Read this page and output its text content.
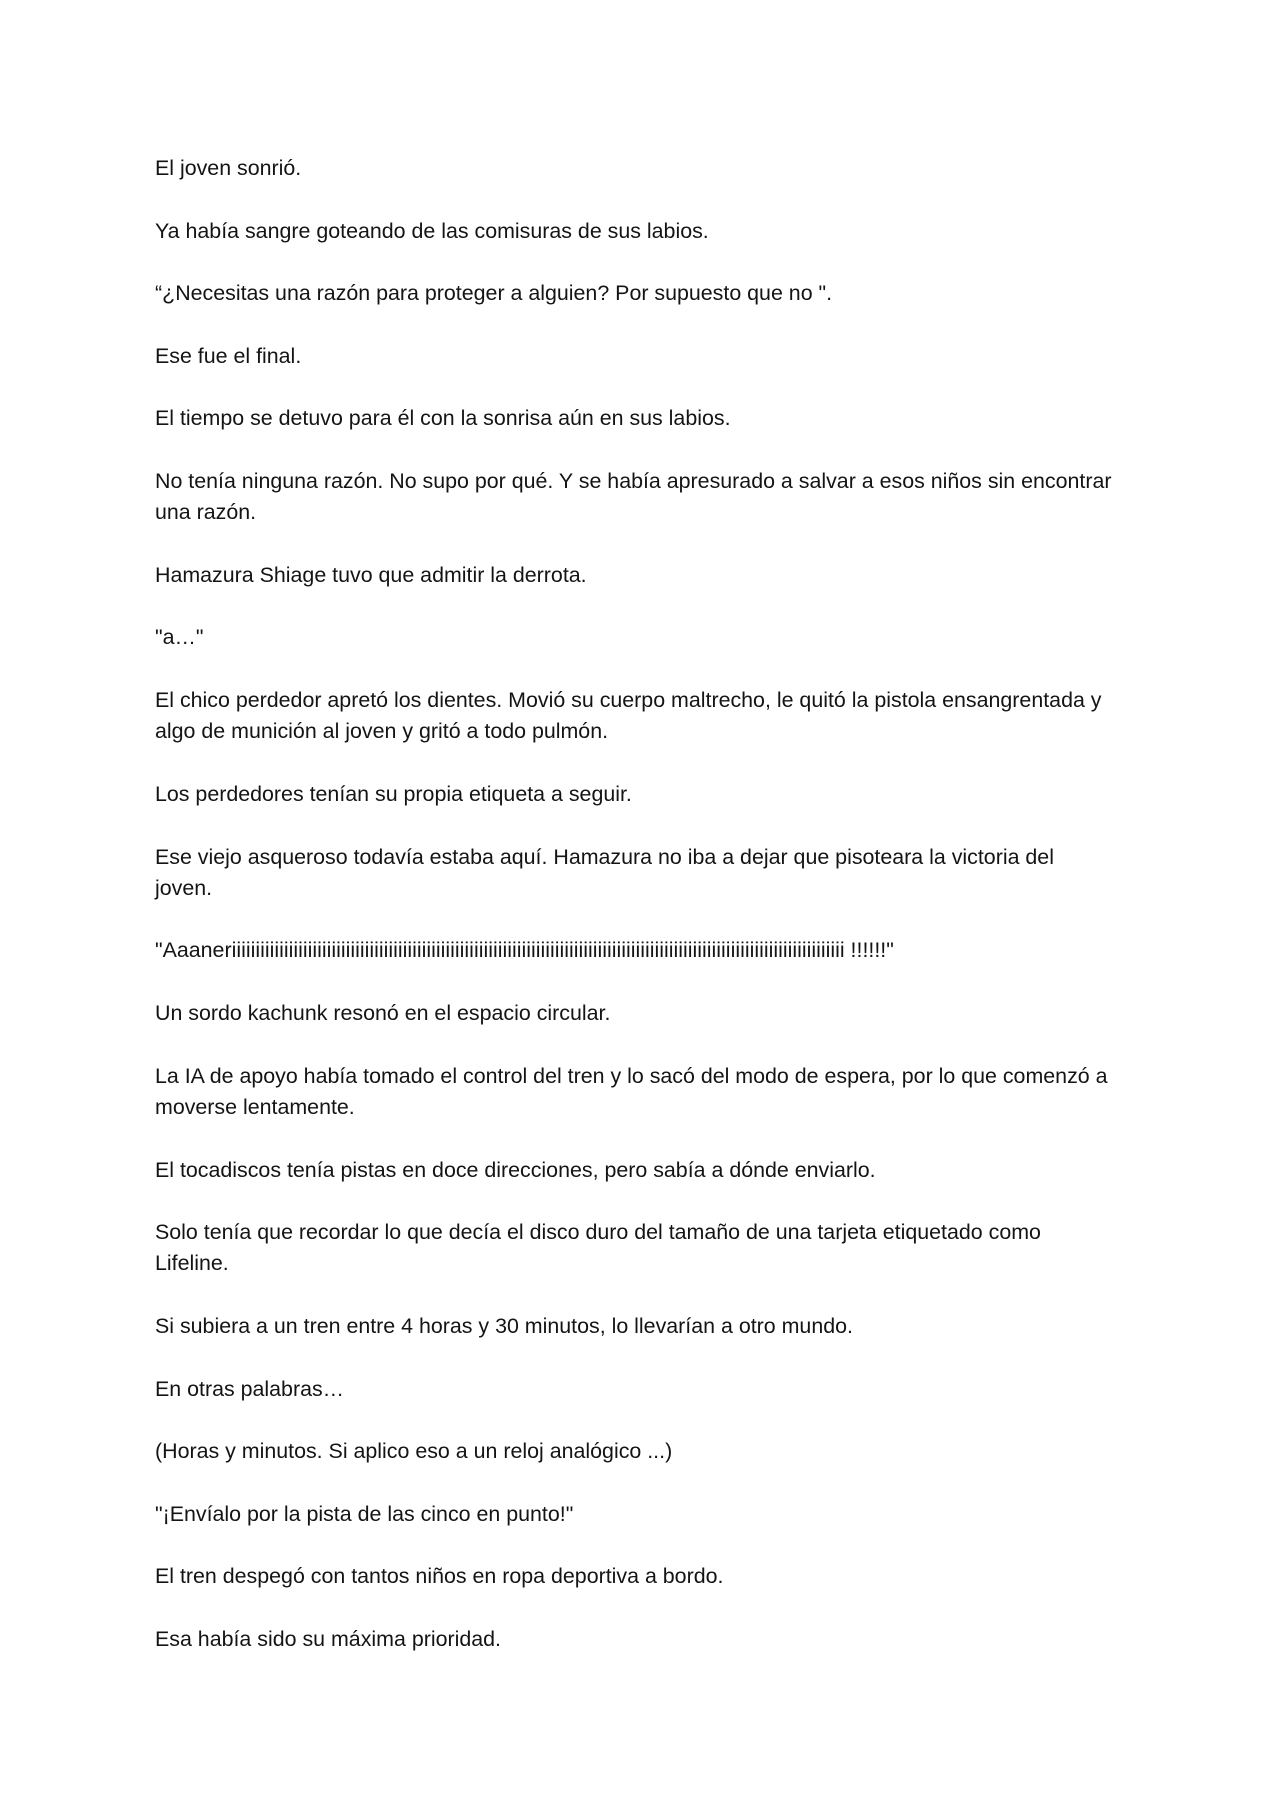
El joven sonrió.

Ya había sangre goteando de las comisuras de sus labios.

“¿Necesitas una razón para proteger a alguien? Por supuesto que no ".

Ese fue el final.

El tiempo se detuvo para él con la sonrisa aún en sus labios.

No tenía ninguna razón. No supo por qué. Y se había apresurado a salvar a esos niños sin encontrar una razón.

Hamazura Shiage tuvo que admitir la derrota.

"a…"

El chico perdedor apretó los dientes. Movió su cuerpo maltrecho, le quitó la pistola ensangrentada y algo de munición al joven y gritó a todo pulmón.

Los perdedores tenían su propia etiqueta a seguir.

Ese viejo asqueroso todavía estaba aquí. Hamazura no iba a dejar que pisoteara la victoria del joven.

"Aaaneriiiiiiiiiiiiiiiiiiiiiiiiiiiiiiiiiiiiiiiiiiiiiiiiiiiiiiiiiiiiiiiiiiiiiiiiiiiiiiiiiiiiiiiiiiiiiiiiiiiiiiiiiiiiiiiiiiiiiiiiiiiiiiiii !!!!!!"

Un sordo kachunk resonó en el espacio circular.

La IA de apoyo había tomado el control del tren y lo sacó del modo de espera, por lo que comenzó a moverse lentamente.

El tocadiscos tenía pistas en doce direcciones, pero sabía a dónde enviarlo.

Solo tenía que recordar lo que decía el disco duro del tamaño de una tarjeta etiquetado como Lifeline.

Si subiera a un tren entre 4 horas y 30 minutos, lo llevarían a otro mundo.

En otras palabras…

(Horas y minutos. Si aplico eso a un reloj analógico ...)

"¡Envíalo por la pista de las cinco en punto!"

El tren despegó con tantos niños en ropa deportiva a bordo.

Esa había sido su máxima prioridad.
